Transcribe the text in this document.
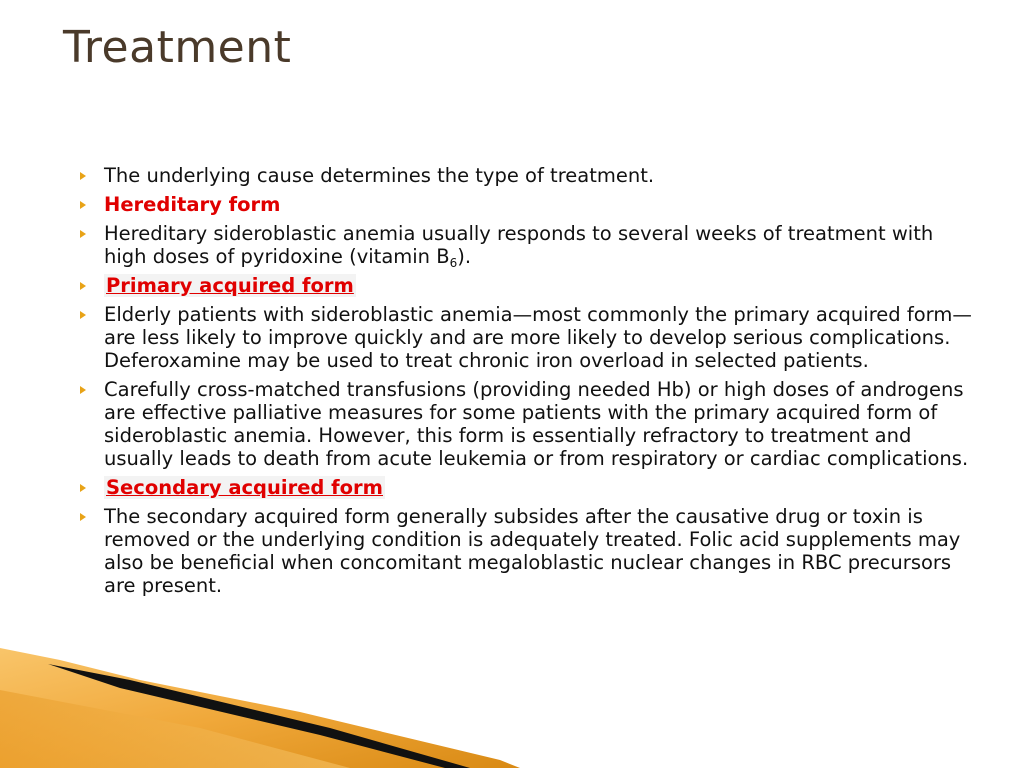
Treatment
The underlying cause determines the type of treatment.
Hereditary form
Hereditary sideroblastic anemia usually responds to several weeks of treatment with high doses of pyridoxine (vitamin $B_6$).
Primary acquired form
Elderly patients with sideroblastic anemia—most commonly the primary acquired form—are less likely to improve quickly and are more likely to develop serious complications. Deferoxamine may be used to treat chronic iron overload in selected patients.
Carefully cross-matched transfusions (providing needed Hb) or high doses of androgens are effective palliative measures for some patients with the primary acquired form of sideroblastic anemia. However, this form is essentially refractory to treatment and usually leads to death from acute leukemia or from respiratory or cardiac complications.
Secondary acquired form
The secondary acquired form generally subsides after the causative drug or toxin is removed or the underlying condition is adequately treated. Folic acid supplements may also be beneficial when concomitant megaloblastic nuclear changes in RBC precursors are present.
